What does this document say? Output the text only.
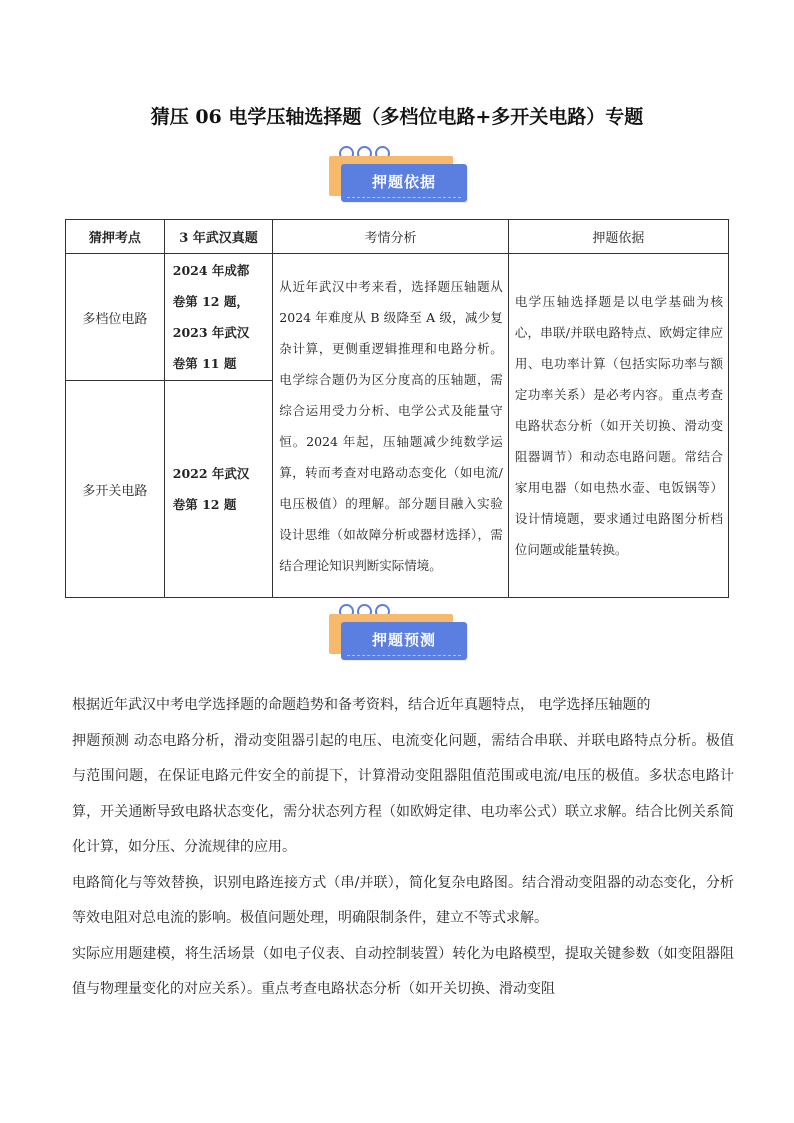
猜压 06 电学压轴选择题（多档位电路+多开关电路）专题
押题依据
猜押考点	3 年武汉真题	考情分析	押题依据
多档位电路	2024 年成都
卷第 12 题，
2023 年武汉
卷第 11 题	从近年武汉中考来看，选择题压轴题从 2024 年难度从 B 级降至 A 级，减少复杂计算，更侧重逻辑推理和电路分析。电学综合题仍为区分度高的压轴题，需综合运用受力分析、电学公式及能量守恒。2024 年起，压轴题减少纯数学运算，转而考查对电路动态变化（如电流/电压极值）的理解。部分题目融入实验设计思维（如故障分析或器材选择），需结合理论知识判断实际情境。	电学压轴选择题是以电学基础为核心，串联/并联电路特点、欧姆定律应用、电功率计算（包括实际功率与额定功率关系）是必考内容。重点考查电路状态分析（如开关切换、滑动变阻器调节）和动态电路问题。常结合家用电器（如电热水壶、电饭锅等）设计情境题，要求通过电路图分析档位问题或能量转换。
多开关电路	2022 年武汉
卷第 12 题		
押题预测

根据近年武汉中考电学选择题的命题趋势和备考资料，结合近年真题特点， 电学选择压轴题的
押题预测 动态电路分析，滑动变阻器引起的电压、电流变化问题，需结合串联、并联电路特点分析。极值与范围问题，在保证电路元件安全的前提下，计算滑动变阻器阻值范围或电流/电压的极值。多状态电路计算，开关通断导致电路状态变化，需分状态列方程（如欧姆定律、电功率公式）联立求解。结合比例关系简化计算，如分压、分流规律的应用。

电路简化与等效替换，识别电路连接方式（串/并联），简化复杂电路图。结合滑动变阻器的动态变化，分析等效电阻对总电流的影响。极值问题处理，明确限制条件，建立不等式求解。

实际应用题建模，将生活场景（如电子仪表、自动控制装置）转化为电路模型，提取关键参数（如变阻器阻值与物理量变化的对应关系）。重点考查电路状态分析（如开关切换、滑动变阻
